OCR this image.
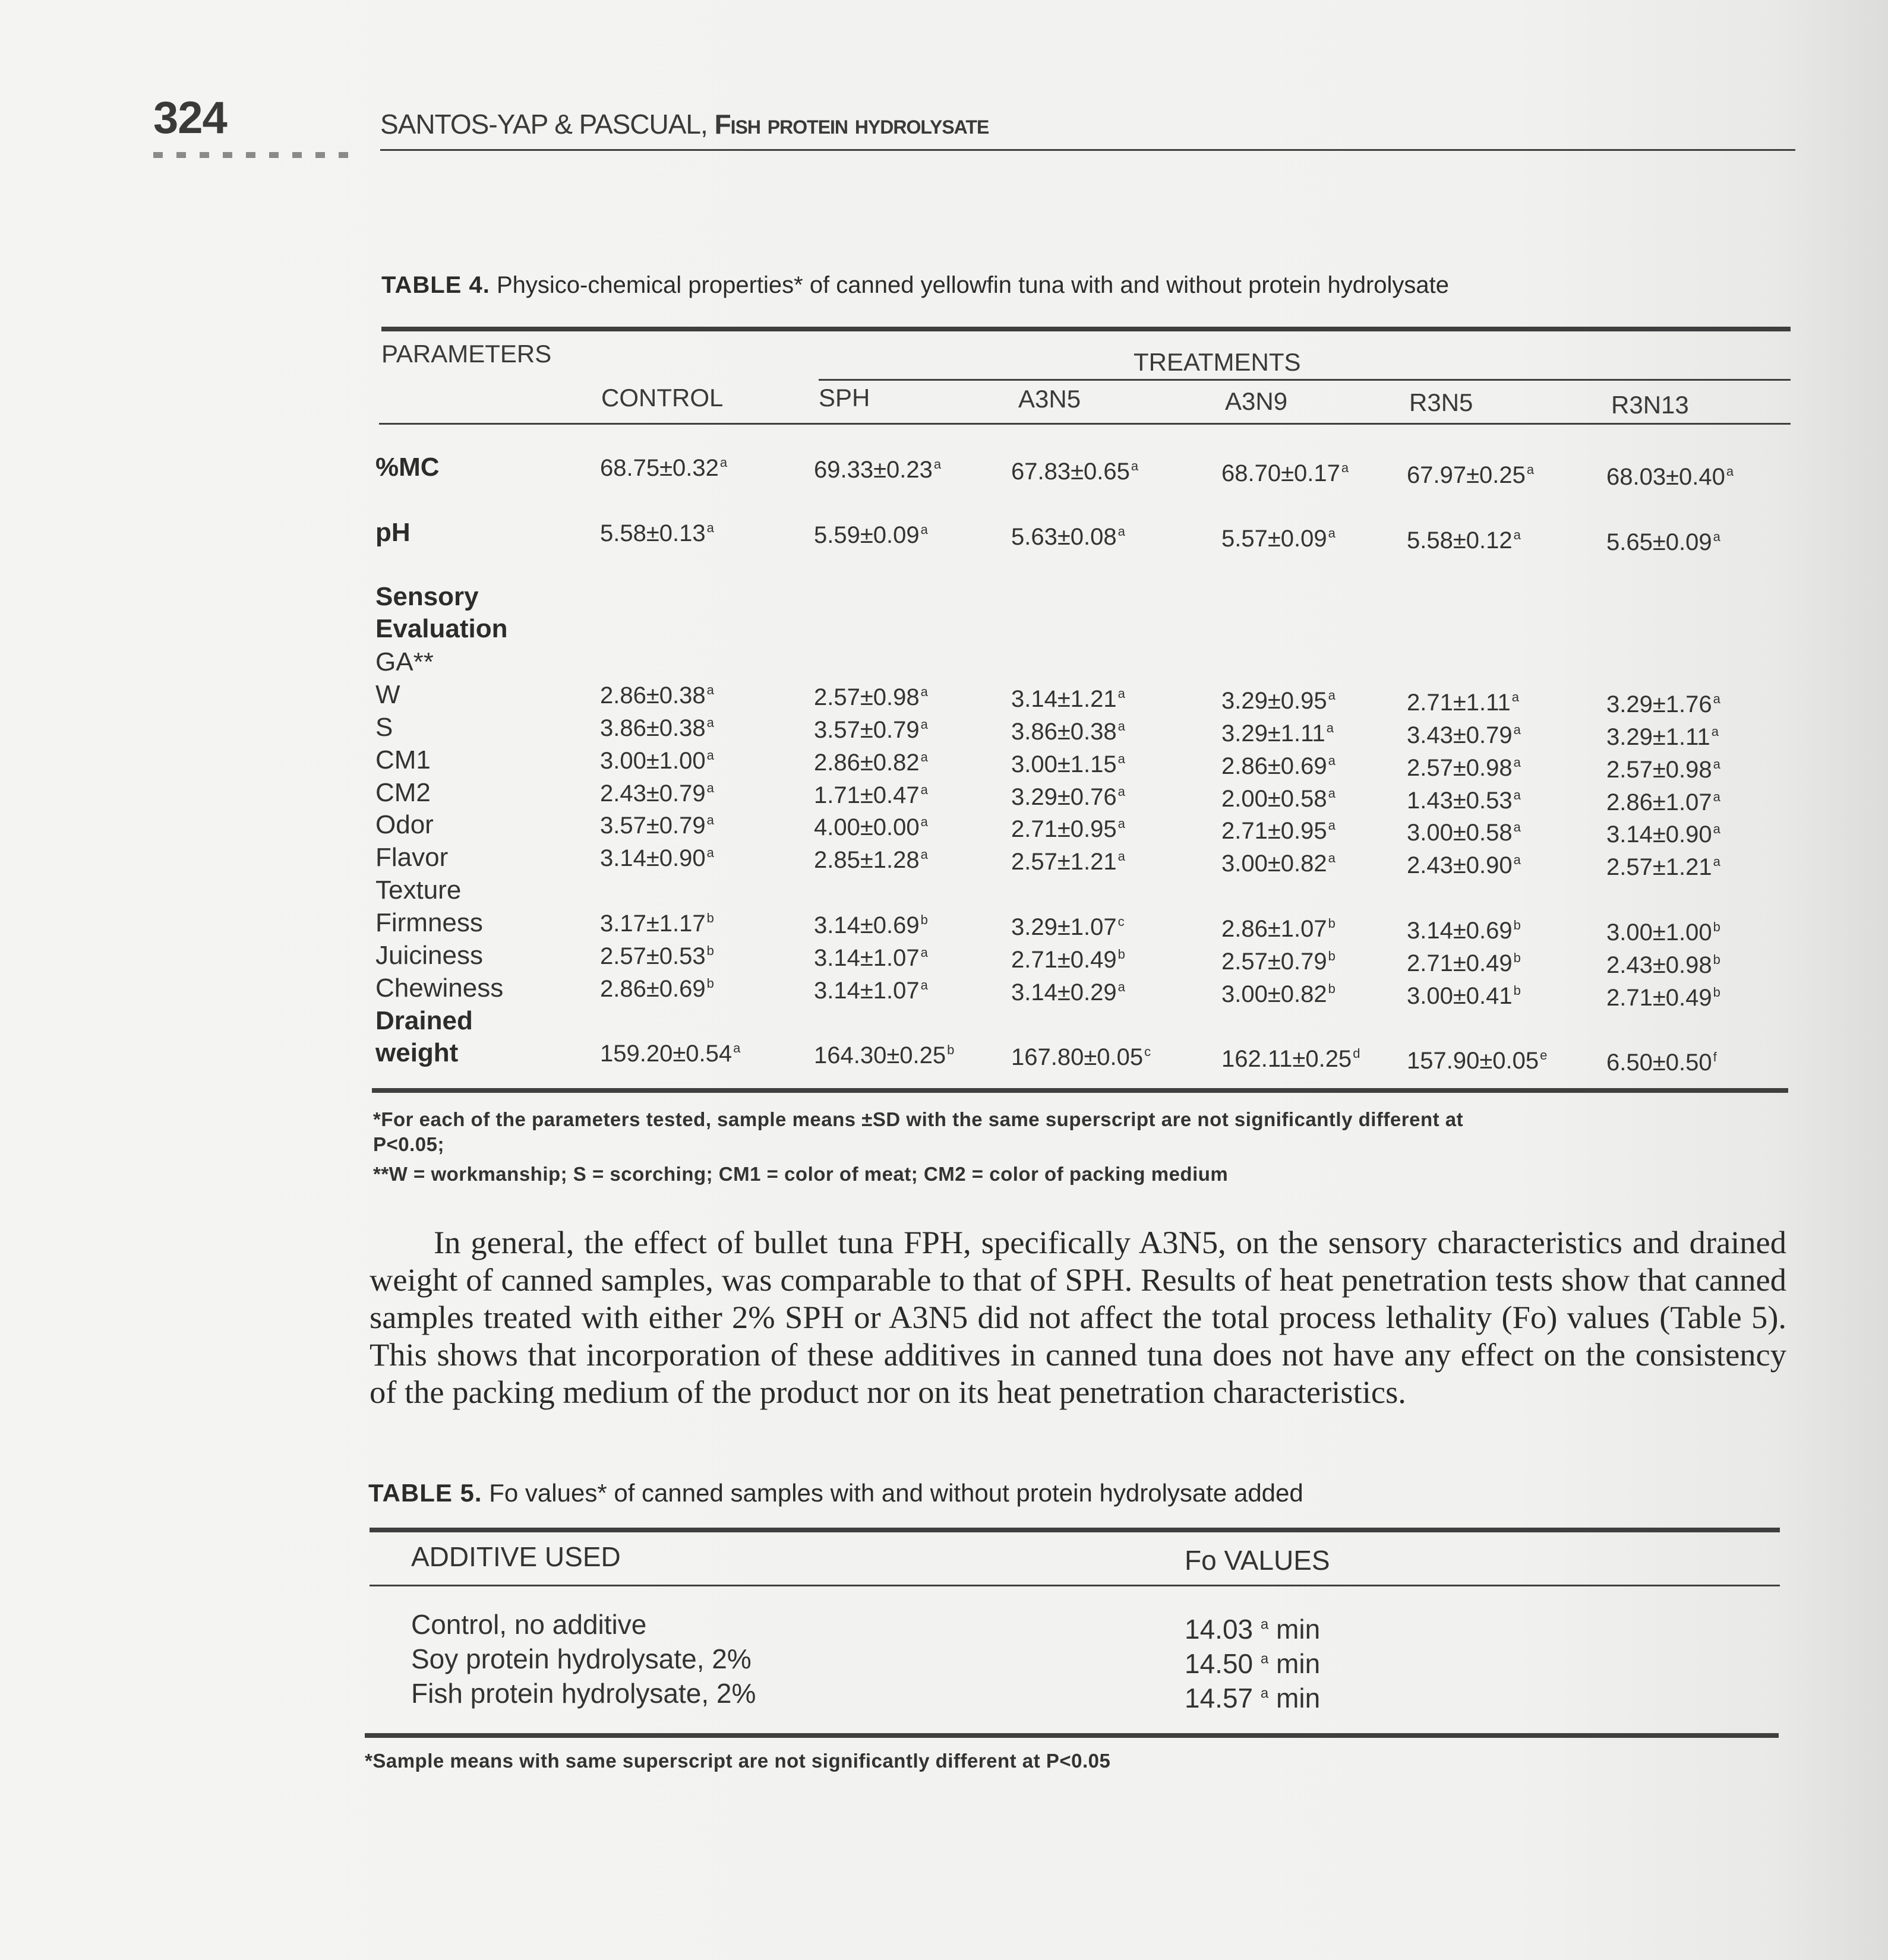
324	SANTOS-YAP & PASCUAL, Fish protein hydrolysate
TABLE 4. Physico-chemical properties* of canned yellowfin tuna with and without protein hydrolysate
PARAMETERS	TREATMENTS
CONTROL	SPH	A3N5	A3N9	R3N5	R3N13
%MC	68.75±0.32$^a$	69.33±0.23$^a$	67.83±0.65$^a$	68.70±0.17$^a$ 67.97±0.25$^a$	68.03±0.40$^a$
pH	5.58±0.13$^a$	5.59±0.09$^a$	5.63±0.08$^a$	5.57±0.09$^a$	5.58±0.12$^a$	5.65±0.09$^a$
Sensory
Evaluation
GA**
W	2.86±0.38$^a$	2.57±0.98$^a$	3.14±1.21$^a$	3.29±0.95$^a$	2.71±1.11$^a$	3.29±1.76$^a$
S	3.86±0.38$^a$	3.57±0.79$^a$	3.86±0.38$^a$	3.29±1.11$^a$	3.43±0.79$^a$	3.29±1.11$^a$
CM1	3.00±1.00$^a$	2.86±0.82$^a$	3.00±1.15$^a$	2.86±0.69$^a$	2.57±0.98$^a$	2.57±0.98$^a$
CM2	2.43±0.79$^a$	1.71±0.47$^a$	3.29±0.76$^a$	2.00±0.58$^a$	1.43±0.53$^a$	2.86±1.07$^a$
Odor	3.57±0.79$^a$	4.00±0.00$^a$	2.71±0.95$^a$	2.71±0.95$^a$	3.00±0.58$^a$	3.14±0.90$^a$
Flavor	3.14±0.90$^a$	2.85±1.28$^a$	2.57±1.21$^a$	3.00±0.82$^a$	2.43±0.90$^a$	2.57±1.21$^a$
Texture
Firmness	3.17±1.17$^b$	3.14±0.69$^b$	3.29±1.07$^c$	2.86±1.07$^b$	3.14±0.69$^b$	3.00±1.00$^b$
Juiciness	2.57±0.53$^b$	3.14±1.07$^a$	2.71±0.49$^b$	2.57±0.79$^b$	2.71±0.49$^b$	2.43±0.98$^b$
Chewiness	2.86±0.69$^b$	3.14±1.07$^a$	3.14±0.29$^a$	3.00±0.82$^b$	3.00±0.41$^b$	2.71±0.49$^b$
Drained
weight	159.20±0.54$^a$	164.30±0.25$^b$ 167.80±0.05$^c$	162.11±0.25$^d$ 157.90±0.05$^e$ 6.50±0.50$^f$
*For each of the parameters tested, sample means ±SD with the same superscript are not significantly different at
P<0.05;
**W = workmanship; S = scorching; CM1 = color of meat; CM2 = color of packing medium

In general, the effect of bullet tuna FPH, specifically A3N5, on the sensory characteristics and drained weight of canned samples, was comparable to that of SPH. Results of heat penetration tests show that canned samples treated with either 2% SPH or A3N5 did not affect the total process lethality (Fo) values (Table 5). This shows that incorporation of these additives in canned tuna does not have any effect on the consistency of the packing medium of the product nor on its heat penetration characteristics.

TABLE 5. Fo values* of canned samples with and without protein hydrolysate added
ADDITIVE USED	Fo VALUES
Control, no additive	14.03 $^a$ min
Soy protein hydrolysate, 2%	14.50 $^a$ min
Fish protein hydrolysate, 2%	14.57 $^a$ min
*Sample means with same superscript are not significantly different at P<0.05
